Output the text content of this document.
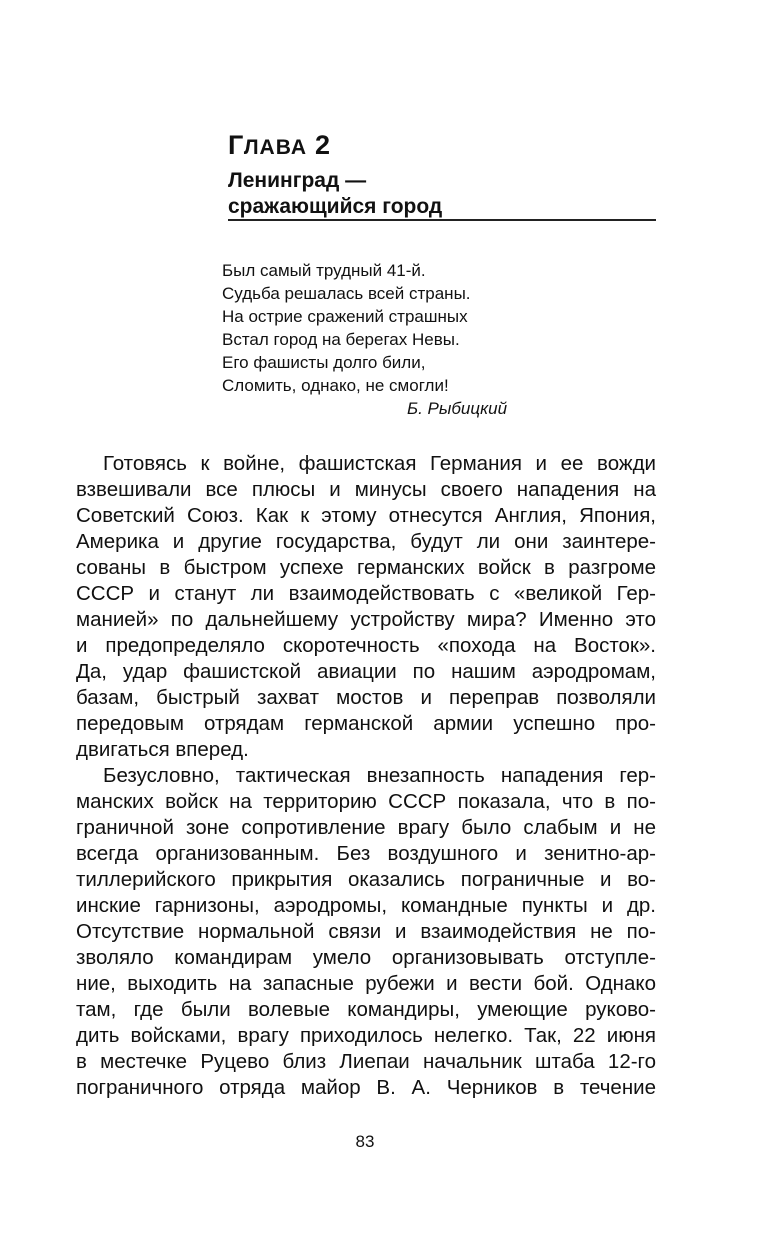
ГЛАВА 2
Ленинград —
сражающийся город
Был самый трудный 41-й.
Судьба решалась всей страны.
На острие сражений страшных
Встал город на берегах Невы.
Его фашисты долго били,
Сломить, однако, не смогли!
Б. Рыбицкий
Готовясь к войне, фашистская Германия и ее вожди
взвешивали все плюсы и минусы своего нападения на
Советский Союз. Как к этому отнесутся Англия, Япония,
Америка и другие государства, будут ли они заинтере-
сованы в быстром успехе германских войск в разгроме
СССР и станут ли взаимодействовать с «великой Гер-
манией» по дальнейшему устройству мира? Именно это
и предопределяло скоротечность «похода на Восток».
Да, удар фашистской авиации по нашим аэродромам,
базам, быстрый захват мостов и переправ позволяли
передовым отрядам германской армии успешно про-
двигаться вперед.
Безусловно, тактическая внезапность нападения гер-
манских войск на территорию СССР показала, что в по-
граничной зоне сопротивление врагу было слабым и не
всегда организованным. Без воздушного и зенитно-ар-
тиллерийского прикрытия оказались пограничные и во-
инские гарнизоны, аэродромы, командные пункты и др.
Отсутствие нормальной связи и взаимодействия не по-
зволяло командирам умело организовывать отступле-
ние, выходить на запасные рубежи и вести бой. Однако
там, где были волевые командиры, умеющие руково-
дить войсками, врагу приходилось нелегко. Так, 22 июня
в местечке Руцево близ Лиепаи начальник штаба 12-го
пограничного отряда майор В. А. Черников в течение
83
